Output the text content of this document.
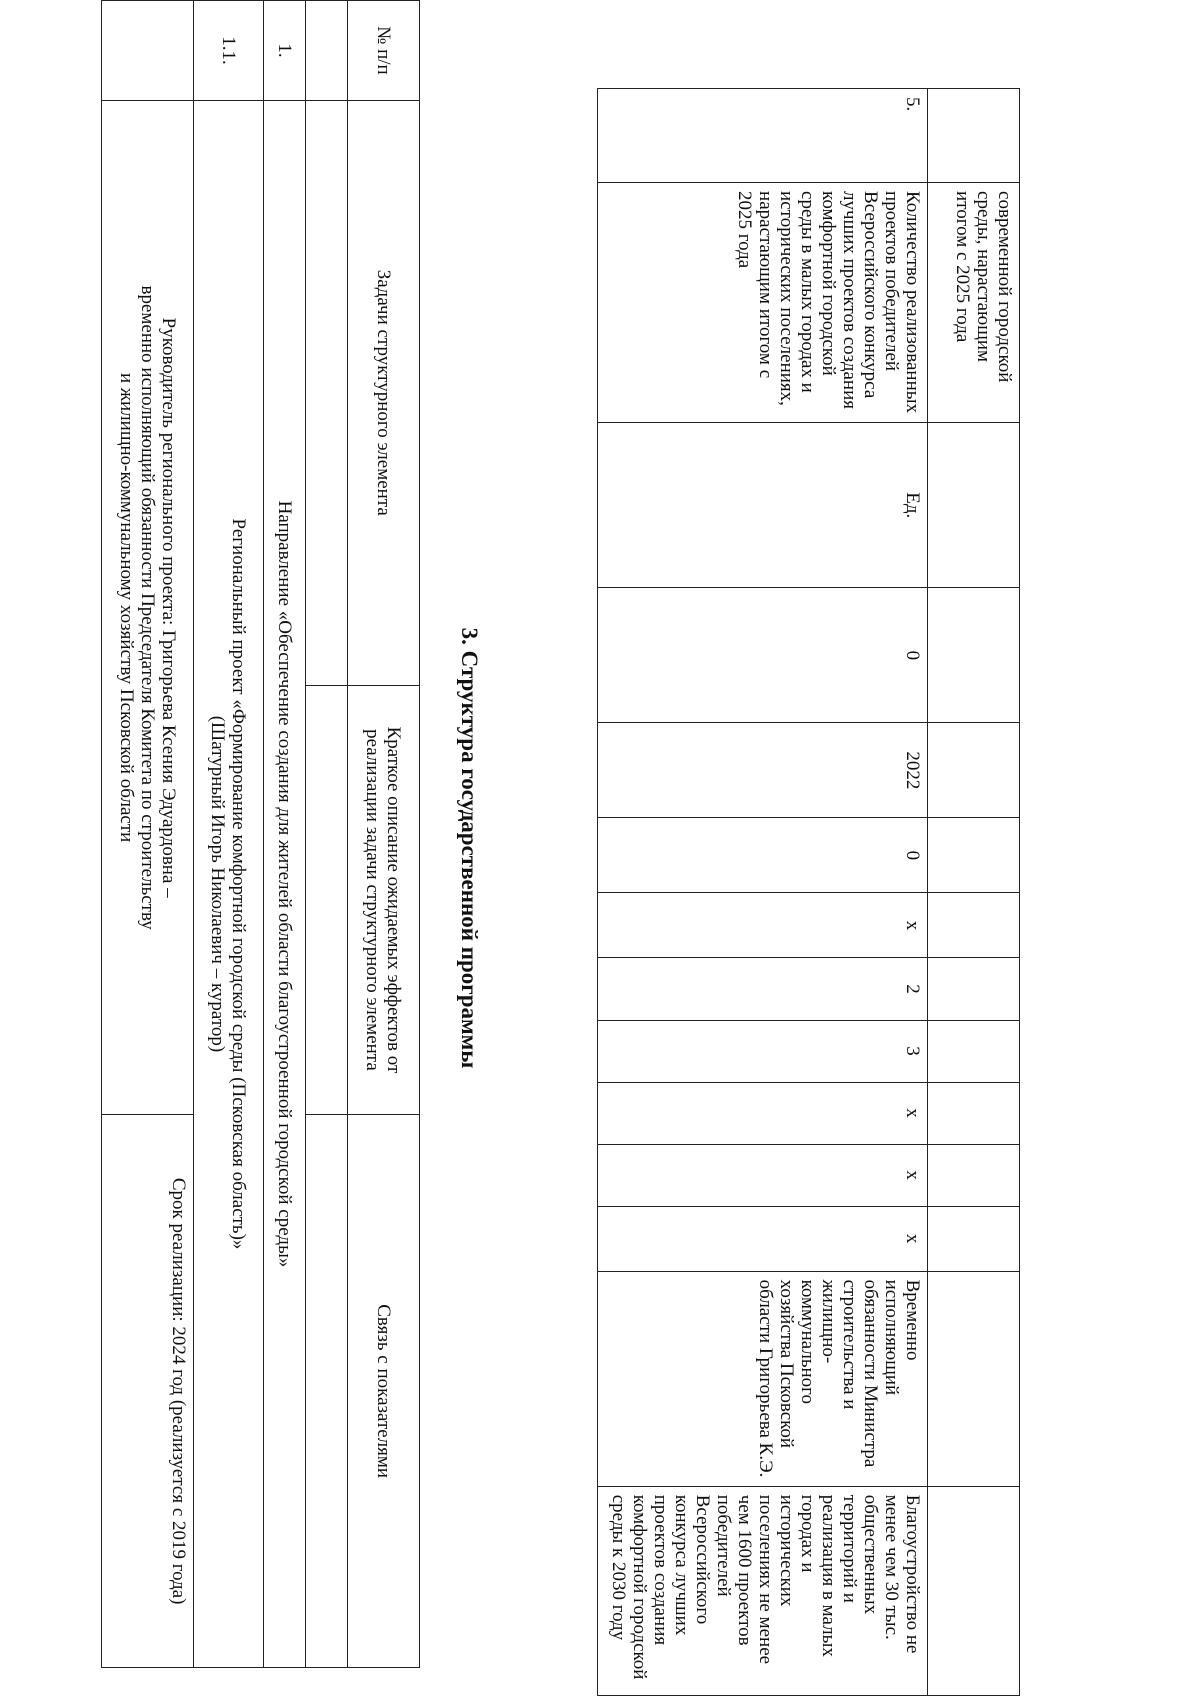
	современной городской среды, нарастающим итогом с 2025 года												
5.	Количество реализованных проектов победителей Всероссийского конкурса лучших проектов создания комфортной городской среды в малых городах и исторических поселениях, нарастающим итогом с 2025 года	Ед.	0	2022	0	х	2	3	х	х	х	Временно исполняющий обязанности Министра строительства и жилищно-коммунального хозяйства Псковской области Григорьева К.Э.	Благоустройство не менее чем 30 тыс. общественных территорий и реализация в малых городах и исторических поселениях не менее чем 1600 проектов победителей Всероссийского конкурса лучших проектов создания комфортной городской среды к 2030 году
3. Структура государственной программы
№ п/п	Задачи структурного элемента	Краткое описание ожидаемых эффектов от реализации задачи структурного элемента	Связь с показателями

1.	Направление «Обеспечение создания для жителей области благоустроенной городской среды»		
1.1.	Региональный проект «Формирование комфортной городской среды (Псковская область)»
(Шатурный Игорь Николаевич – куратор)		

	Руководитель регионального проекта: Григорьева Ксения Эдуардовна –
временно исполняющий обязанности Председателя Комитета по строительству
и жилищно-коммунальному хозяйству Псковской области		Срок реализации: 2024 год (реализуется с 2019 года)
